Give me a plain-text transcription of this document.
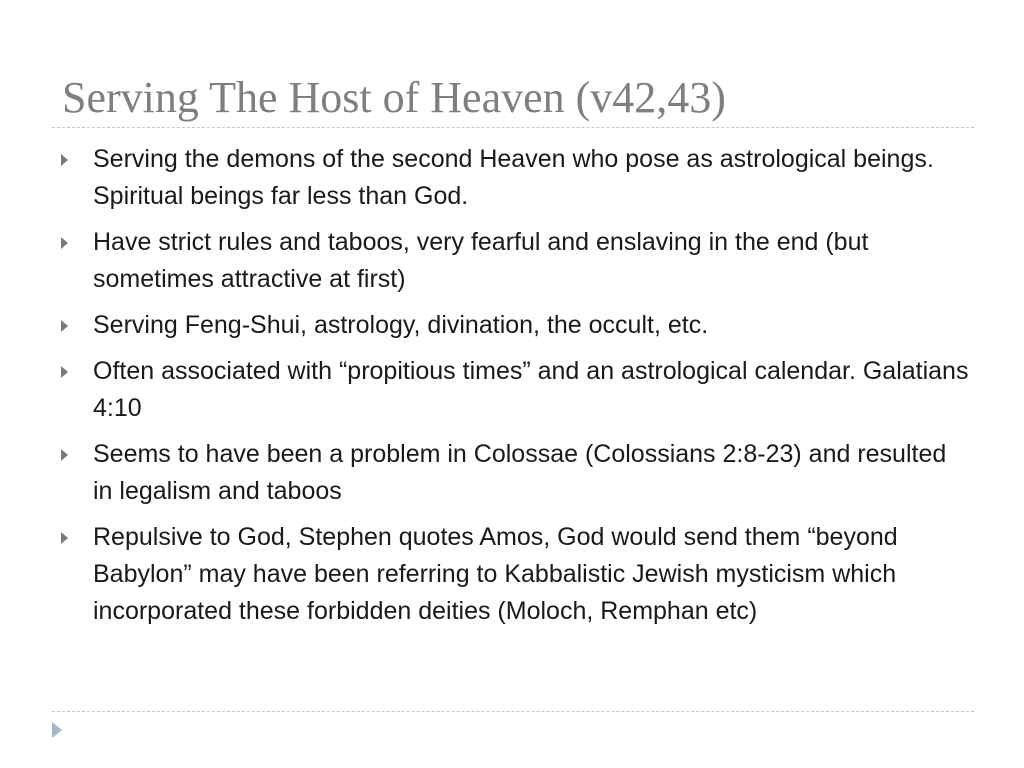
Serving The Host of Heaven (v42,43)
Serving the demons of the second Heaven who pose as astrological beings. Spiritual beings far less than God.
Have strict rules and taboos, very fearful and enslaving in the end (but sometimes attractive at first)
Serving Feng-Shui, astrology, divination, the occult, etc.
Often associated with “propitious times” and an astrological calendar. Galatians 4:10
Seems to have been a problem in Colossae (Colossians 2:8-23) and resulted in legalism and taboos
Repulsive to God, Stephen quotes Amos, God would send them “beyond Babylon” may have been referring to Kabbalistic Jewish mysticism which incorporated these forbidden deities (Moloch, Remphan etc)
